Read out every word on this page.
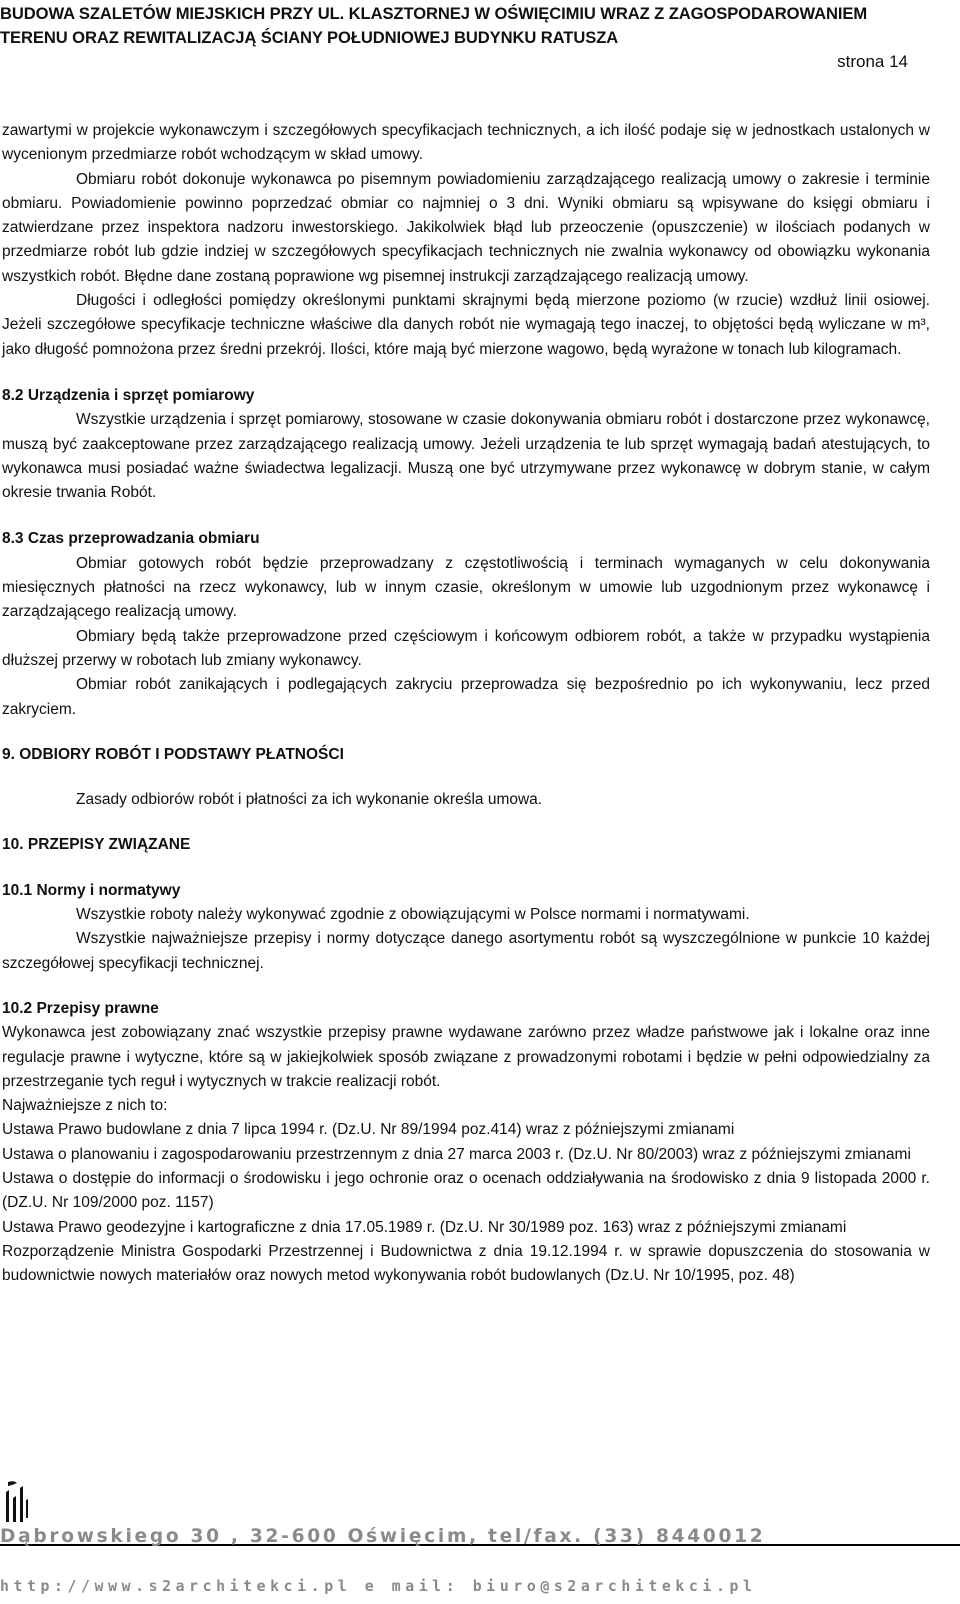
BUDOWA SZALETÓW MIEJSKICH PRZY UL. KLASZTORNEJ W OŚWIĘCIMIU WRAZ Z ZAGOSPODAROWANIEM
TERENU ORAZ REWITALIZACJĄ ŚCIANY POŁUDNIOWEJ BUDYNKU RATUSZA
strona 14

zawartymi w projekcie wykonawczym i szczegółowych specyfikacjach technicznych, a ich ilość podaje się w jednostkach ustalonych w wycenionym przedmiarze robót wchodzącym w skład umowy.

Obmiaru robót dokonuje wykonawca po pisemnym powiadomieniu zarządzającego realizacją umowy o zakresie i terminie obmiaru. Powiadomienie powinno poprzedzać obmiar co najmniej o 3 dni. Wyniki obmiaru są wpisywane do księgi obmiaru i zatwierdzane przez inspektora nadzoru inwestorskiego. Jakikolwiek błąd lub przeoczenie (opuszczenie) w ilościach podanych w przedmiarze robót lub gdzie indziej w szczegółowych specyfikacjach technicznych nie zwalnia wykonawcy od obowiązku wykonania wszystkich robót. Błędne dane zostaną poprawione wg pisemnej instrukcji zarządzającego realizacją umowy.

Długości i odległości pomiędzy określonymi punktami skrajnymi będą mierzone poziomo (w rzucie) wzdłuż linii osiowej. Jeżeli szczegółowe specyfikacje techniczne właściwe dla danych robót nie wymagają tego inaczej, to objętości będą wyliczane w m³, jako długość pomnożona przez średni przekrój. Ilości, które mają być mierzone wagowo, będą wyrażone w tonach lub kilogramach.

8.2 Urządzenia i sprzęt pomiarowy

Wszystkie urządzenia i sprzęt pomiarowy, stosowane w czasie dokonywania obmiaru robót i dostarczone przez wykonawcę, muszą być zaakceptowane przez zarządzającego realizacją umowy. Jeżeli urządzenia te lub sprzęt wymagają badań atestujących, to wykonawca musi posiadać ważne świadectwa legalizacji. Muszą one być utrzymywane przez wykonawcę w dobrym stanie, w całym okresie trwania Robót.

8.3 Czas przeprowadzania obmiaru

Obmiar gotowych robót będzie przeprowadzany z częstotliwością i terminach wymaganych w celu dokonywania miesięcznych płatności na rzecz wykonawcy, lub w innym czasie, określonym w umowie lub uzgodnionym przez wykonawcę i zarządzającego realizacją umowy.

Obmiary będą także przeprowadzone przed częściowym i końcowym odbiorem robót, a także w przypadku wystąpienia dłuższej przerwy w robotach lub zmiany wykonawcy.

Obmiar robót zanikających i podlegających zakryciu przeprowadza się bezpośrednio po ich wykonywaniu, lecz przed zakryciem.

9. ODBIORY ROBÓT I PODSTAWY PŁATNOŚCI

Zasady odbiorów robót i płatności za ich wykonanie określa umowa.

10. PRZEPISY ZWIĄZANE

10.1 Normy i normatywy

Wszystkie roboty należy wykonywać zgodnie z obowiązującymi w Polsce normami i normatywami.

Wszystkie najważniejsze przepisy i normy dotyczące danego asortymentu robót są wyszczególnione w punkcie 10 każdej szczegółowej specyfikacji technicznej.

10.2 Przepisy prawne

Wykonawca jest zobowiązany znać wszystkie przepisy prawne wydawane zarówno przez władze państwowe jak i lokalne oraz inne regulacje prawne i wytyczne, które są w jakiejkolwiek sposób związane z prowadzonymi robotami i będzie w pełni odpowiedzialny za przestrzeganie tych reguł i wytycznych w trakcie realizacji robót.

Najważniejsze z nich to:

Ustawa Prawo budowlane z dnia 7 lipca 1994 r. (Dz.U. Nr 89/1994 poz.414) wraz z późniejszymi zmianami

Ustawa o planowaniu i zagospodarowaniu przestrzennym z dnia 27 marca 2003 r. (Dz.U. Nr 80/2003) wraz z późniejszymi zmianami

Ustawa o dostępie do informacji o środowisku i jego ochronie oraz o ocenach oddziaływania na środowisko z dnia 9 listopada 2000 r. (DZ.U. Nr 109/2000 poz. 1157)

Ustawa Prawo geodezyjne i kartograficzne z dnia 17.05.1989 r. (Dz.U. Nr 30/1989 poz. 163) wraz z późniejszymi zmianami

Rozporządzenie Ministra Gospodarki Przestrzennej i Budownictwa z dnia 19.12.1994 r. w sprawie dopuszczenia do stosowania w budownictwie nowych materiałów oraz nowych metod wykonywania robót budowlanych (Dz.U. Nr 10/1995, poz. 48)

Dąbrowskiego 30 , 32-600 Oświęcim, tel/fax. (33) 8440012
http://www.s2architekci.pl e mail: biuro@s2architekci.pl
